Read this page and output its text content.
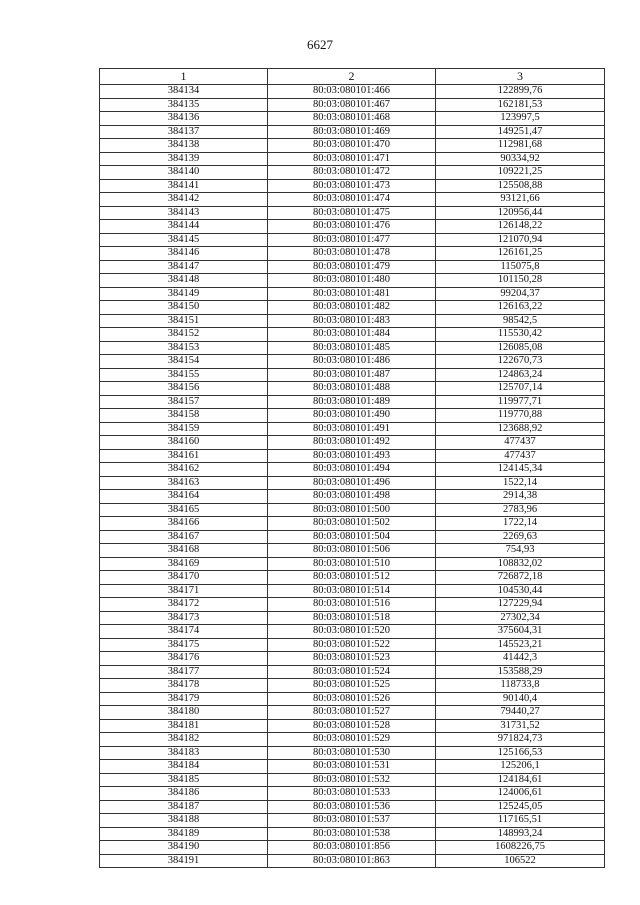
6627
1	2	3
384134	80:03:080101:466	122899,76
384135	80:03:080101:467	162181,53
384136	80:03:080101:468	123997,5
384137	80:03:080101:469	149251,47
384138	80:03:080101:470	112981,68
384139	80:03:080101:471	90334,92
384140	80:03:080101:472	109221,25
384141	80:03:080101:473	125508,88
384142	80:03:080101:474	93121,66
384143	80:03:080101:475	120956,44
384144	80:03:080101:476	126148,22
384145	80:03:080101:477	121070,94
384146	80:03:080101:478	126161,25
384147	80:03:080101:479	115075,8
384148	80:03:080101:480	101150,28
384149	80:03:080101:481	99204,37
384150	80:03:080101:482	126163,22
384151	80:03:080101:483	98542,5
384152	80:03:080101:484	115530,42
384153	80:03:080101:485	126085,08
384154	80:03:080101:486	122670,73
384155	80:03:080101:487	124863,24
384156	80:03:080101:488	125707,14
384157	80:03:080101:489	119977,71
384158	80:03:080101:490	119770,88
384159	80:03:080101:491	123688,92
384160	80:03:080101:492	477437
384161	80:03:080101:493	477437
384162	80:03:080101:494	124145,34
384163	80:03:080101:496	1522,14
384164	80:03:080101:498	2914,38
384165	80:03:080101:500	2783,96
384166	80:03:080101:502	1722,14
384167	80:03:080101:504	2269,63
384168	80:03:080101:506	754,93
384169	80:03:080101:510	108832,02
384170	80:03:080101:512	726872,18
384171	80:03:080101:514	104530,44
384172	80:03:080101:516	127229,94
384173	80:03:080101:518	27302,34
384174	80:03:080101:520	375604,31
384175	80:03:080101:522	145523,21
384176	80:03:080101:523	41442,3
384177	80:03:080101:524	153588,29
384178	80:03:080101:525	118733,8
384179	80:03:080101:526	90140,4
384180	80:03:080101:527	79440,27
384181	80:03:080101:528	31731,52
384182	80:03:080101:529	971824,73
384183	80:03:080101:530	125166,53
384184	80:03:080101:531	125206,1
384185	80:03:080101:532	124184,61
384186	80:03:080101:533	124006,61
384187	80:03:080101:536	125245,05
384188	80:03:080101:537	117165,51
384189	80:03:080101:538	148993,24
384190	80:03:080101:856	1608226,75
384191	80:03:080101:863	106522
